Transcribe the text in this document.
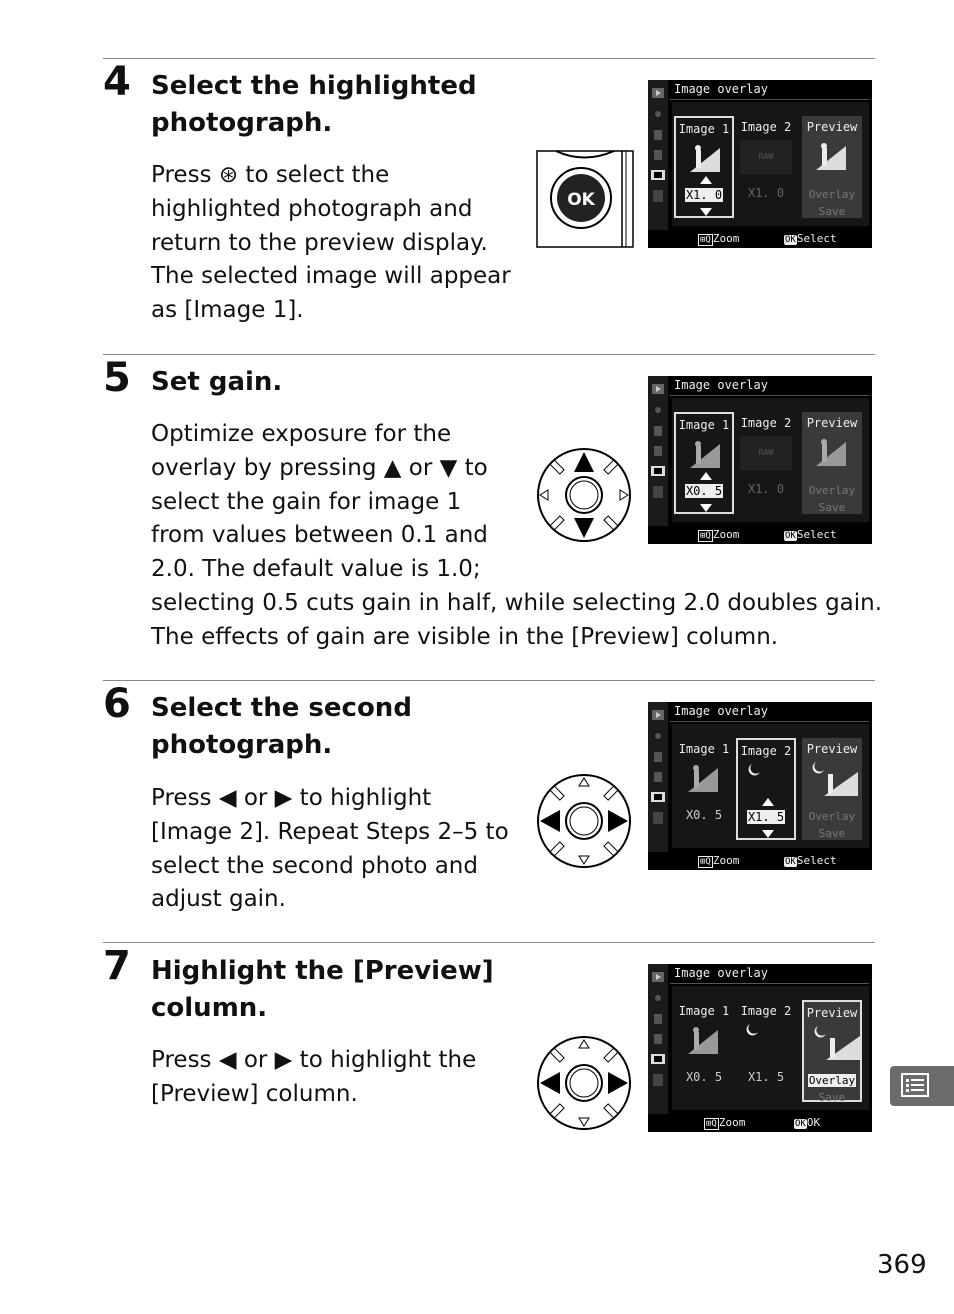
4 Select the highlighted
photograph.
Press ⊛ to select the
highlighted photograph and
return to the preview display.
The selected image will appear
as [Image 1].
OK
Image overlay
Image 1
X1. 0
Image 2
RAW
X1. 0
Preview
Overlay
Save
⊞Q Zoom	OKSelect
5 Set gain.
Optimize exposure for the
overlay by pressing ▲ or ▼ to
select the gain for image 1
from values between 0.1 and
2.0. The default value is 1.0;
selecting 0.5 cuts gain in half, while selecting 2.0 doubles gain.
The effects of gain are visible in the [Preview] column.
Image overlay
Image 1
X0. 5
Image 2
RAW
X1. 0
Preview
Overlay
Save
⊞Q Zoom	OKSelect
6 Select the second
photograph.
Press ◀ or ▶ to highlight
[Image 2]. Repeat Steps 2–5 to
select the second photo and
adjust gain.
Image overlay
Image 1
X0. 5
Image 2
X1. 5
Preview
Overlay
Save
⊞Q Zoom	OKSelect
7 Highlight the [Preview]
column.
Press ◀ or ▶ to highlight the
[Preview] column.
Image overlay
Image 1
X0. 5
Image 2
X1. 5
Preview
Overlay
Save
⊞Q Zoom	OKOK
369
